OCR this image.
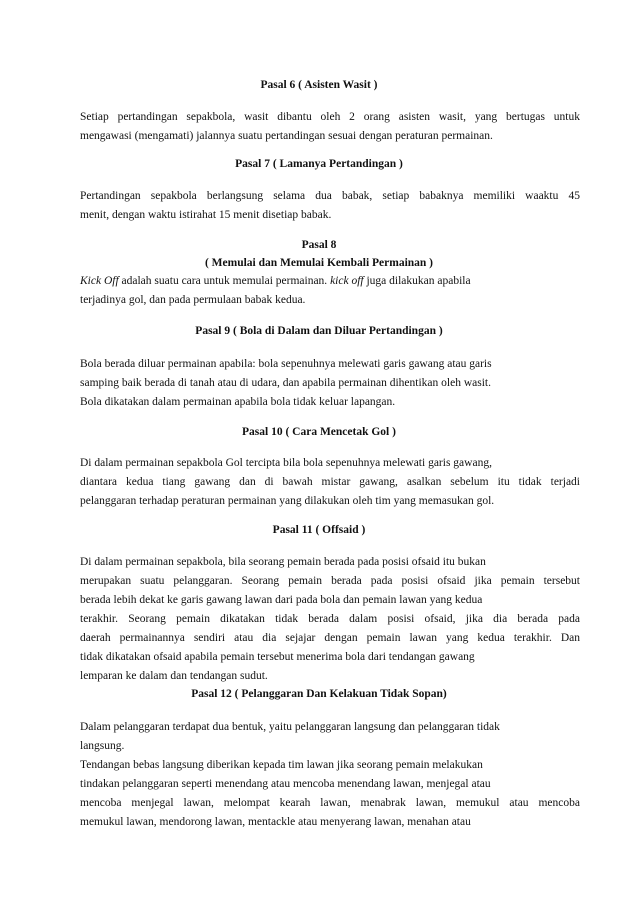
Pasal 6 ( Asisten Wasit )
Setiap pertandingan sepakbola, wasit dibantu oleh 2 orang asisten wasit, yang bertugas untuk
mengawasi (mengamati) jalannya suatu pertandingan sesuai dengan peraturan permainan.
Pasal 7 ( Lamanya Pertandingan )
Pertandingan sepakbola berlangsung selama dua babak, setiap babaknya memiliki waaktu 45
menit, dengan waktu istirahat 15 menit disetiap babak.
Pasal 8
( Memulai dan Memulai Kembali Permainan )
Kick Off adalah suatu cara untuk memulai permainan. kick off juga dilakukan apabila
terjadinya gol, dan pada permulaan babak kedua.
Pasal 9 ( Bola di Dalam dan Diluar Pertandingan )
Bola berada diluar permainan apabila: bola sepenuhnya melewati garis gawang atau garis
samping baik berada di tanah atau di udara, dan apabila permainan dihentikan oleh wasit.
Bola dikatakan dalam permainan apabila bola tidak keluar lapangan.
Pasal 10 ( Cara Mencetak Gol )
Di dalam permainan sepakbola Gol tercipta bila bola sepenuhnya melewati garis gawang,
diantara kedua tiang gawang dan di bawah mistar gawang, asalkan sebelum itu tidak terjadi
pelanggaran terhadap peraturan permainan yang dilakukan oleh tim yang memasukan gol.
Pasal 11 ( Offsaid )
Di dalam permainan sepakbola, bila seorang pemain berada pada posisi ofsaid itu bukan
merupakan suatu pelanggaran. Seorang pemain berada pada posisi ofsaid jika pemain tersebut
berada lebih dekat ke garis gawang lawan dari pada bola dan pemain lawan yang kedua
terakhir. Seorang pemain dikatakan tidak berada dalam posisi ofsaid, jika dia berada pada
daerah permainannya sendiri atau dia sejajar dengan pemain lawan yang kedua terakhir. Dan
tidak dikatakan ofsaid apabila pemain tersebut menerima bola dari tendangan gawang
lemparan ke dalam dan tendangan sudut.
Pasal 12 ( Pelanggaran Dan Kelakuan Tidak Sopan)
Dalam pelanggaran terdapat dua bentuk, yaitu pelanggaran langsung dan pelanggaran tidak
langsung.
Tendangan bebas langsung diberikan kepada tim lawan jika seorang pemain melakukan
tindakan pelanggaran seperti menendang atau mencoba menendang lawan, menjegal atau
mencoba menjegal lawan, melompat kearah lawan, menabrak lawan, memukul atau mencoba
memukul lawan, mendorong lawan, mentackle atau menyerang lawan, menahan atau
